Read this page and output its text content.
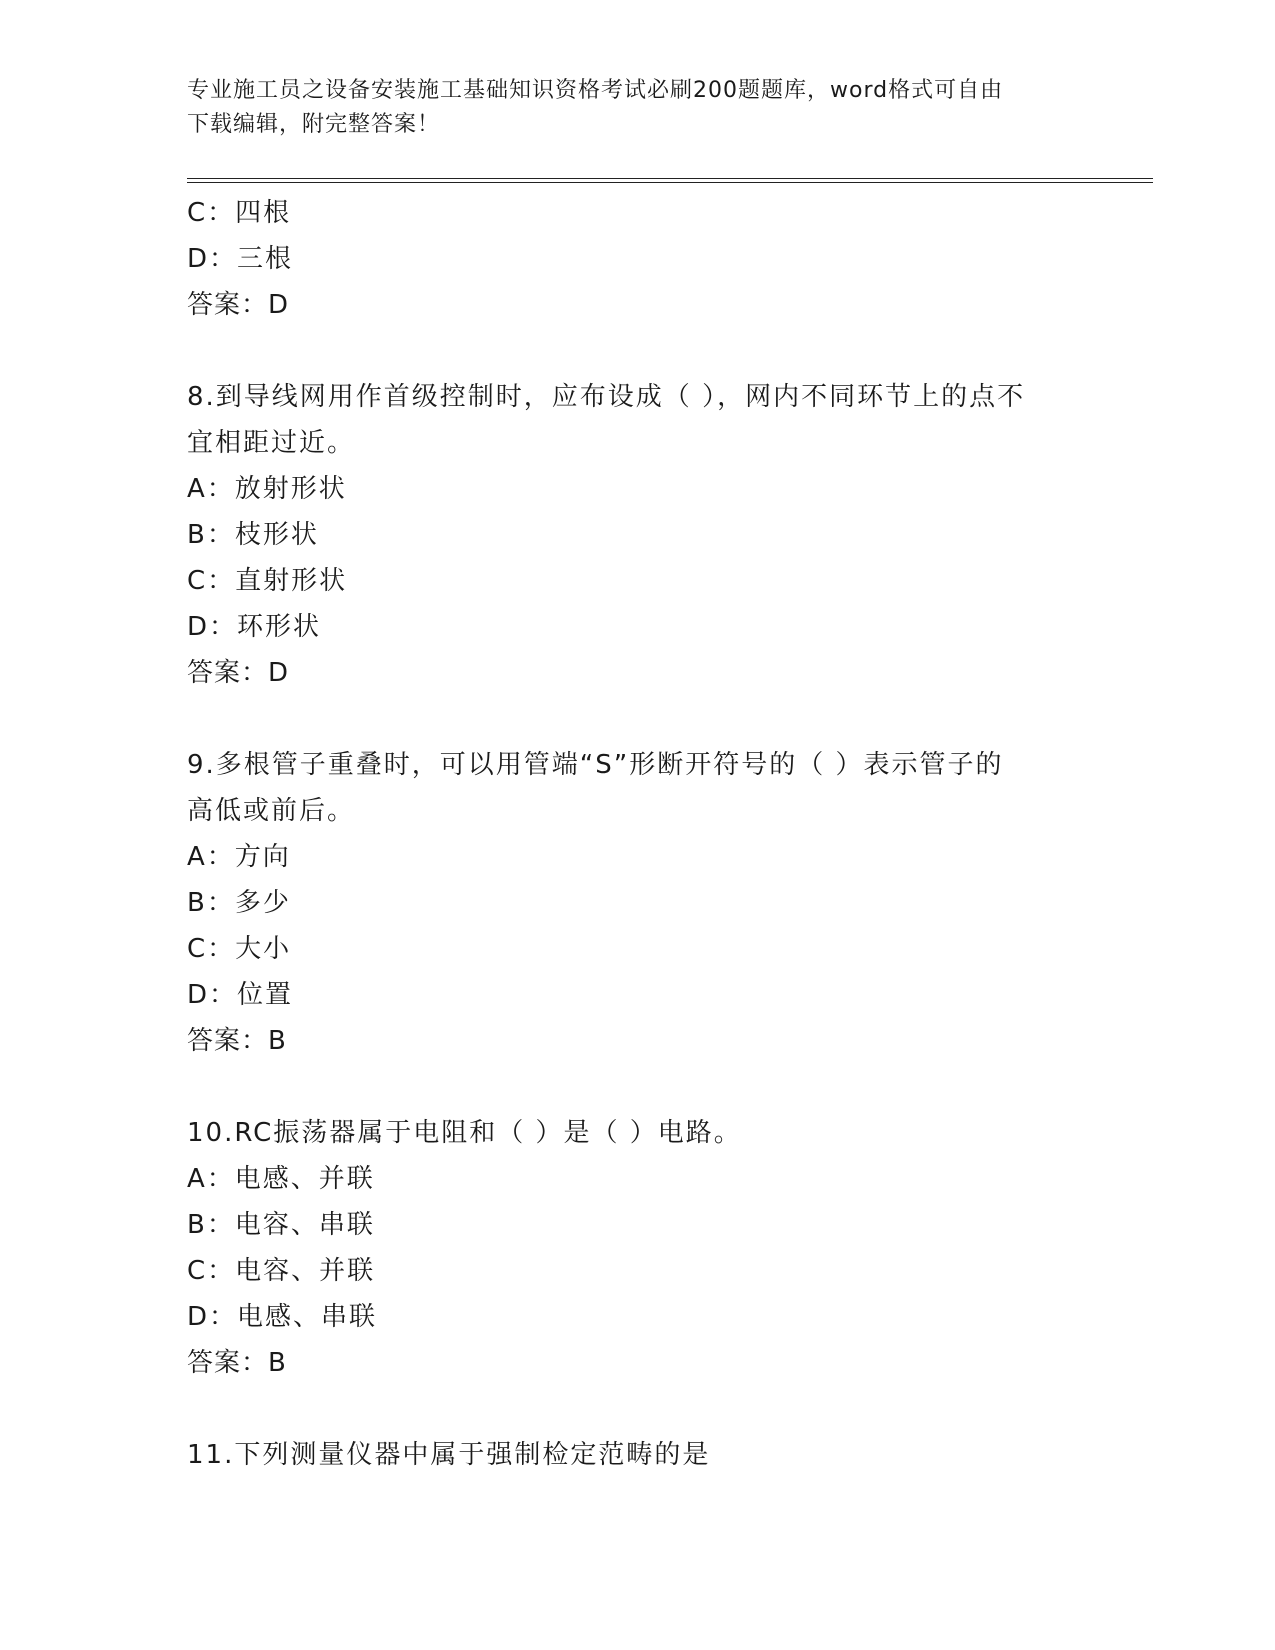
专业施工员之设备安装施工基础知识资格考试必刷200题题库，word格式可自由
下载编辑，附完整答案！
C：四根
D：三根
答案：D
8.到导线网用作首级控制时，应布设成（ ），网内不同环节上的点不
宜相距过近。
A：放射形状
B：枝形状
C：直射形状
D：环形状
答案：D
9.多根管子重叠时，可以用管端“S”形断开符号的（ ）表示管子的
高低或前后。
A：方向
B：多少
C：大小
D：位置
答案：B
10.RC振荡器属于电阻和（ ）是（ ）电路。
A：电感、并联
B：电容、串联
C：电容、并联
D：电感、串联
答案：B
11.下列测量仪器中属于强制检定范畴的是
